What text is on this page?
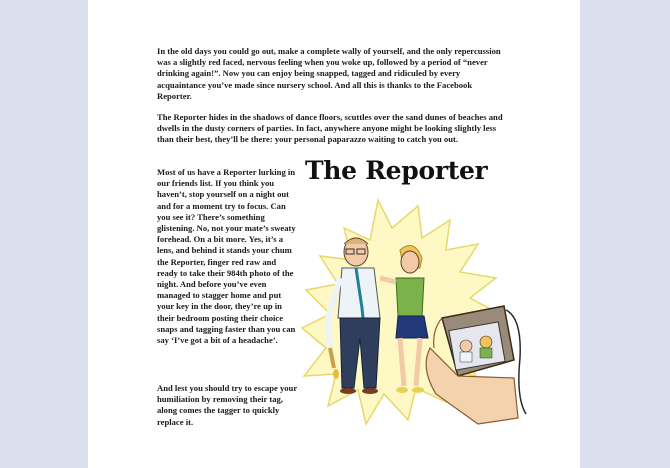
In the old days you could go out, make a complete wally of yourself, and the only repercussion was a slightly red faced, nervous feeling when you woke up, followed by a period of “never drinking again!”. Now you can enjoy being snapped, tagged and ridiculed by every acquaintance you’ve made since nursery school. And all this is thanks to the Facebook Reporter.

The Reporter hides in the shadows of dance floors, scuttles over the sand dunes of beaches and dwells in the dusty corners of parties. In fact, anywhere anyone might be looking slightly less than their best, they’ll be there: your personal paparazzo waiting to catch you out.

The Reporter

Most of us have a Reporter lurking in our friends list. If you think you haven’t, stop yourself on a night out and for a moment try to focus. Can you see it? There’s something glistening. No, not your mate’s sweaty forehead. On a bit more. Yes, it’s a lens, and behind it stands your chum the Reporter, finger red raw and ready to take their 984th photo of the night. And before you’ve even managed to stagger home and put your key in the door, they’re up in their bedroom posting their choice snaps and tagging faster than you can say ‘I’ve got a bit of a headache’.

And lest you should try to escape your humiliation by removing their tag, along comes the tagger to quickly replace it.
